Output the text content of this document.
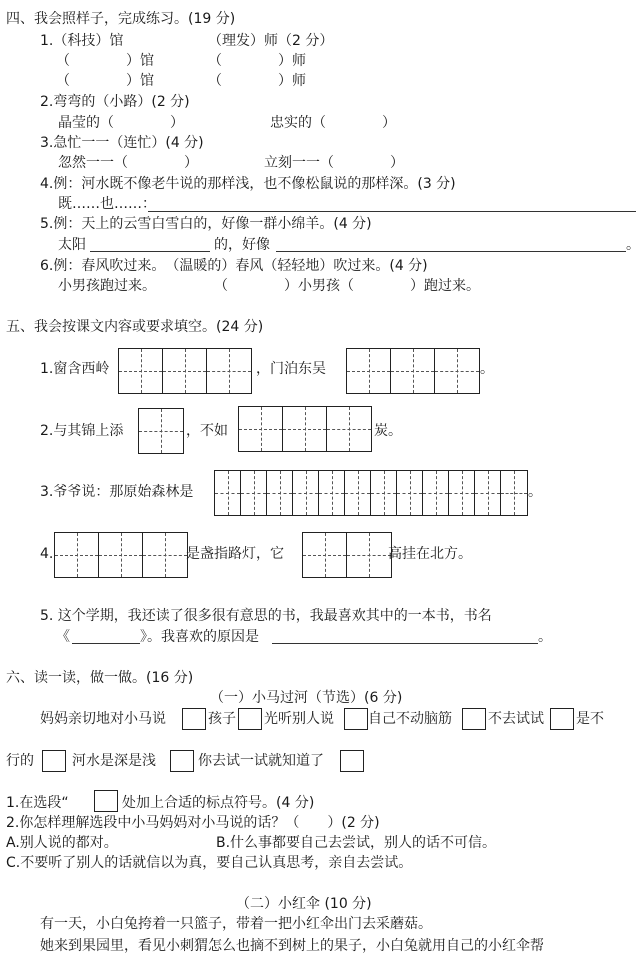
四、我会照样子，完成练习。(19 分)
1.（科技）馆	（理发）师（2 分）
（　　　　）馆	（　　　　）师
（　　　　）馆	（　　　　）师
2.弯弯的（小路）(2 分)
晶莹的（　　　　）	忠实的（　　　　）
3.急忙一一（连忙）(4 分)
忽然一一（　　　　）	立刻一一（　　　　）
4.例：河水既不像老牛说的那样浅，也不像松鼠说的那样深。(3 分)
既……也……：
5.例：天上的云雪白雪白的，好像一群小绵羊。(4 分)
太阳	的，好像	。
6.例：春风吹过来。　（温暖的）春风（轻轻地）吹过来。(4 分)
小男孩跑过来。	（　　　　）小男孩（　　　　）跑过来。
五、我会按课文内容或要求填空。(24 分)
1.窗含西岭	，门泊东吴	。
2.与其锦上添	，不如	炭。
3.爷爷说：那原始森林是	。
4.	是盏指路灯，它	高挂在北方。
5. 这个学期，我还读了很多很有意思的书，我最喜欢其中的一本书，书名
《	》。我喜欢的原因是	。
六、读一读，做一做。(16 分)
（一）小马过河（节选）(6 分)
妈妈亲切地对小马说	孩子 光听别人说 自己不动脑筋	不去试试 是不
行的	河水是深是浅	你去试一试就知道了
1.在选段“	处加上合适的标点符号。(4 分)
2.你怎样理解选段中小马妈妈对小马说的话？（　　）(2 分)
A.别人说的都对。	B.什么事都要自己去尝试，别人的话不可信。
C.不要听了别人的话就信以为真，要自己认真思考，亲自去尝试。
（二）小红伞 (10 分)
有一天，小白兔挎着一只篮子，带着一把小红伞出门去采蘑菇。
她来到果园里，看见小刺猬怎么也摘不到树上的果子，小白兔就用自己的小红伞帮
